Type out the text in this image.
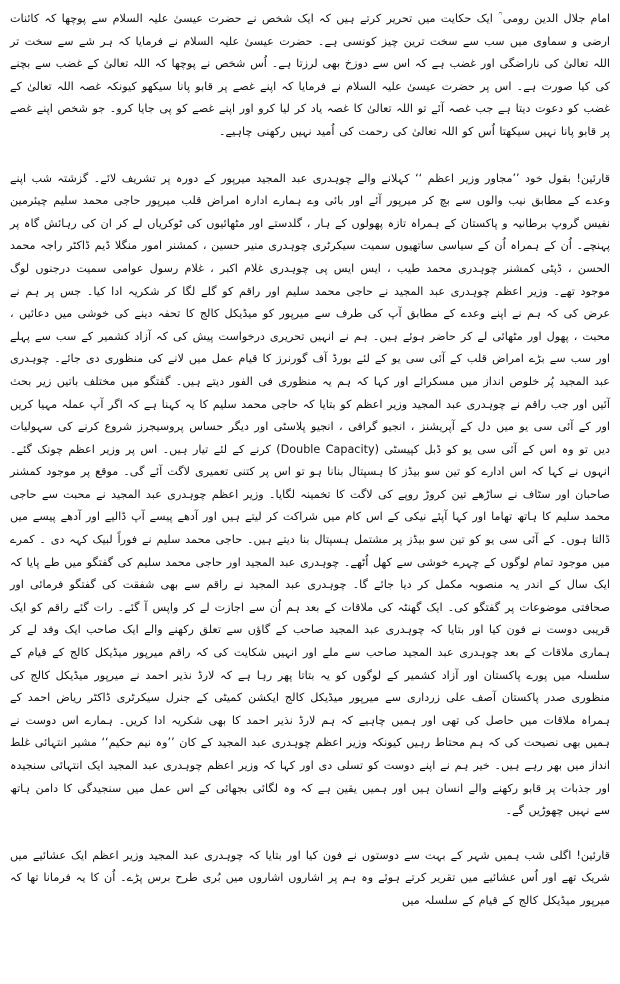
امام جلال الدین رومی ؒ ایک حکایت میں تحریر کرتے ہیں کہ ایک شخص نے حضرت عیسیٰ علیہ السلام سے پوچھا کہ کائنات ارضی و سماوی میں سب سے سخت ترین چیز کونسی ہے۔ حضرت عیسیٰ علیہ السلام نے فرمایا کہ ہر شے سے سخت تر اللہ تعالیٰ کی ناراضگی اور غضب ہے کہ اس سے دوزخ بھی لرزتا ہے۔ اُس شخص نے پوچھا کہ اللہ تعالیٰ کے غضب سے بچنے کی کیا صورت ہے۔ اس پر حضرت عیسیٰ علیہ السلام نے فرمایا کہ اپنے غصے پر قابو پانا سیکھو کیونکہ غصہ اللہ تعالیٰ کے غضب کو دعوت دیتا ہے جب غصہ آئے تو اللہ تعالیٰ کا غصہ یاد کر لیا کرو اور اپنے غصے کو پی جایا کرو۔ جو شخص اپنے غصے پر قابو پانا نہیں سیکھتا اُس کو اللہ تعالیٰ کی رحمت کی اُمید نہیں رکھنی چاہیے۔

قارئین! بقول خود ’’مجاور وزیر اعظم ‘‘ کہلانے والے چوہدری عبد المجید میرپور کے دورہ پر تشریف لائے۔ گزشتہ شب اپنے وعدے کے مطابق نیب والوں سے بچ کر میرپور آئے اور بائی وے ہمارے ادارہ امراض قلب میرپور حاجی محمد سلیم چیئرمین نفیس گروپ برطانیہ و پاکستان کے ہمراہ تازہ پھولوں کے ہار ، گلدستے اور مٹھائیوں کی ٹوکریاں لے کر ان کی رہائش گاہ پر پہنچے۔ اُن کے ہمراہ اُن کے سیاسی ساتھیوں سمیت سیکرٹری چوہدری منیر حسین ، کمشنر امور منگلا ڈیم ڈاکٹر راجہ محمد الحسن ، ڈپٹی کمشنر چوہدری محمد طیب ، ایس ایس پی چوہدری غلام اکبر ، غلام رسول عوامی سمیت درجنوں لوگ موجود تھے۔ وزیر اعظم چوہدری عبد المجید نے حاجی محمد سلیم اور راقم کو گلے لگا کر شکریہ ادا کیا۔ جس پر ہم نے عرض کی کہ ہم نے اپنے وعدے کے مطابق آپ کی طرف سے میرپور کو میڈیکل کالج کا تحفہ دینے کی خوشی میں دعائیں ، محبت ، پھول اور مٹھائی لے کر حاضر ہوئے ہیں۔ ہم نے انہیں تحریری درخواست پیش کی کہ آزاد کشمیر کے سب سے پہلے اور سب سے بڑے امراض قلب کے آئی سی یو کے لئے بورڈ آف گورنرز کا قیام عمل میں لانے کی منظوری دی جائے۔ چوہدری عبد المجید پُر خلوص انداز میں مسکرائے اور کہا کہ ہم یہ منظوری فی الفور دیتے ہیں۔ گفتگو میں مختلف باتیں زیر بحث آئیں اور جب راقم نے چوہدری عبد المجید وزیر اعظم کو بتایا کہ حاجی محمد سلیم کا یہ کہنا ہے کہ اگر آپ عملہ مہیا کریں اور کے آئی سی یو میں دل کے آپریشنز ، انجیو گرافی ، انجیو پلاسٹی اور دیگر حساس پروسیجرز شروع کرنے کی سہولیات دیں تو وہ اس کے آئی سی یو کو ڈبل کپیسٹی (Double Capacity) کرنے کے لئے تیار ہیں۔ اس پر وزیر اعظم چونک گئے۔ انہوں نے کہا کہ اس ادارے کو تین سو بیڈز کا ہسپتال بنانا ہو تو اس پر کتنی تعمیری لاگت آئے گی۔ موقع پر موجود کمشنر صاحبان اور سٹاف نے ساڑھے تین کروڑ روپے کی لاگت کا تخمینہ لگایا۔ وزیر اعظم چوہدری عبد المجید نے محبت سے حاجی محمد سلیم کا ہاتھ تھاما اور کہا آپئے نیکی کے اس کام میں شراکت کر لیتے ہیں اور آدھے پیسے آپ ڈالیے اور آدھے پیسے میں ڈالتا ہوں۔ کے آئی سی یو کو تین سو بیڈز پر مشتمل ہسپتال بنا دیتے ہیں۔ حاجی محمد سلیم نے فوراً لبیک کہہ دی ۔ کمرے میں موجود تمام لوگوں کے چہرے خوشی سے کھل اُٹھے۔ چوہدری عبد المجید اور حاجی محمد سلیم کی گفتگو میں طے پایا کہ ایک سال کے اندر یہ منصوبہ مکمل کر دیا جائے گا۔ چوہدری عبد المجید نے راقم سے بھی شفقت کی گفتگو فرمائی اور صحافتی موضوعات پر گفتگو کی۔ ایک گھنٹہ کی ملاقات کے بعد ہم اُن سے اجازت لے کر واپس آ گئے۔ رات گئے راقم کو ایک قریبی دوست نے فون کیا اور بتایا کہ چوہدری عبد المجید صاحب کے گاؤں سے تعلق رکھنے والے ایک صاحب ایک وفد لے کر ہماری ملاقات کے بعد چوہدری عبد المجید صاحب سے ملے اور انہیں شکایت کی کہ راقم میرپور میڈیکل کالج کے قیام کے سلسلہ میں پورے پاکستان اور آزاد کشمیر کے لوگوں کو یہ بتاتا پھر رہا ہے کہ لارڈ نذیر احمد نے میرپور میڈیکل کالج کی منظوری صدر پاکستان آصف علی زرداری سے میرپور میڈیکل کالج ایکشن کمیٹی کے جنرل سیکرٹری ڈاکٹر ریاض احمد کے ہمراہ ملاقات میں حاصل کی تھی اور ہمیں چاہیے کہ ہم لارڈ نذیر احمد کا بھی شکریہ ادا کریں۔ ہمارے اس دوست نے ہمیں بھی نصیحت کی کہ ہم محتاط رہیں کیونکہ وزیر اعظم چوہدری عبد المجید کے کان ’’وہ نیم حکیم‘‘ مشیر انتہائی غلط انداز میں بھر رہے ہیں۔ خیر ہم نے اپنے دوست کو تسلی دی اور کہا کہ وزیر اعظم چوہدری عبد المجید ایک انتہائی سنجیدہ اور جذبات پر قابو رکھنے والے انسان ہیں اور ہمیں یقین ہے کہ وہ لگائی بجھائی کے اس عمل میں سنجیدگی کا دامن ہاتھ سے نہیں چھوڑیں گے۔

قارئین! اگلی شب ہمیں شہر کے بہت سے دوستوں نے فون کیا اور بتایا کہ چوہدری عبد المجید وزیر اعظم ایک عشائیے میں شریک تھے اور اُس عشائیے میں تقریر کرتے ہوئے وہ ہم پر اشاروں اشاروں میں بُری طرح برس پڑے۔ اُن کا یہ فرمانا تھا کہ میرپور میڈیکل کالج کے قیام کے سلسلہ میں
